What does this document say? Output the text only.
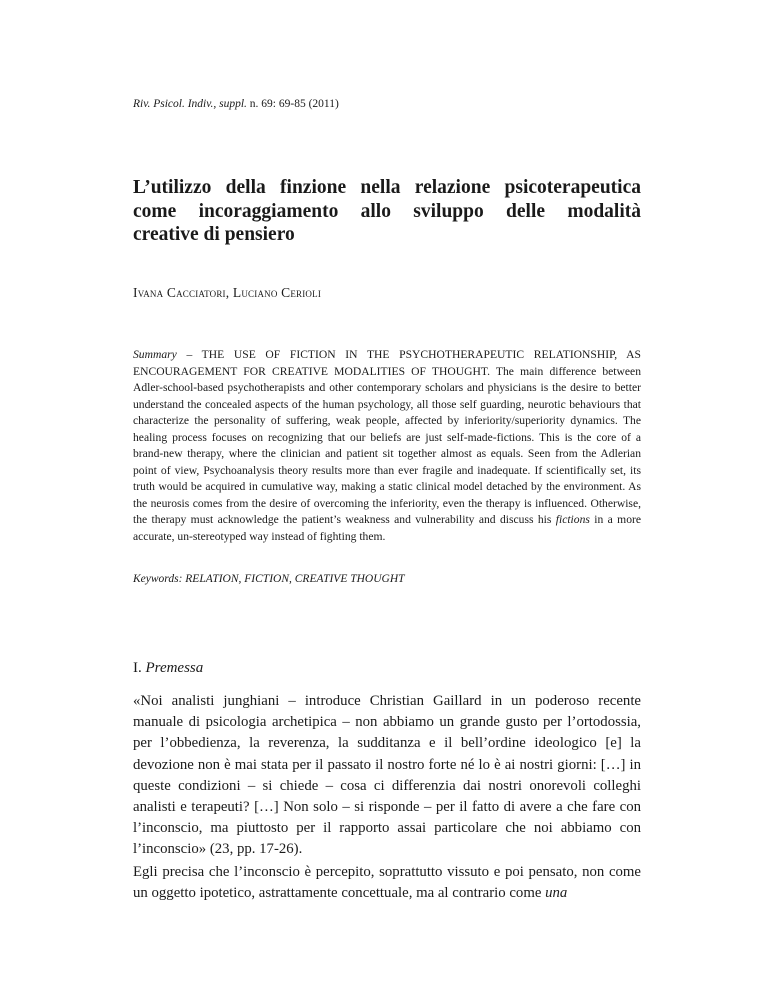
Riv. Psicol. Indiv., suppl. n. 69: 69-85 (2011)
L’utilizzo della finzione nella relazione psicoterapeutica
come incoraggiamento allo sviluppo delle modalità
creative di pensiero
Ivana Cacciatori, Luciano Cerioli

Summary – THE USE OF FICTION IN THE PSYCHOTHERAPEUTIC RELATIONSHIP, AS ENCOURAGEMENT FOR CREATIVE MODALITIES OF THOUGHT. The main difference between Adler-school-based psychotherapists and other contemporary scholars and physicians is the desire to better understand the concealed aspects of the human psychology, all those self guarding, neurotic behaviours that characterize the personality of suffering, weak people, affected by inferiority/superiority dynamics. The healing process focuses on recognizing that our beliefs are just self-made-fictions. This is the core of a brand-new therapy, where the clinician and patient sit together almost as equals. Seen from the Adlerian point of view, Psychoanalysis theory results more than ever fragile and inadequate. If scientifically set, its truth would be acquired in cumulative way, making a static clinical model detached by the environment. As the neurosis comes from the desire of overcoming the inferiority, even the therapy is influenced. Otherwise, the therapy must acknowledge the patient’s weakness and vulnerability and discuss his fictions in a more accurate, un-stereotyped way instead of fighting them.

Keywords: RELATION, FICTION, CREATIVE THOUGHT
I. Premessa

«Noi analisti junghiani – introduce Christian Gaillard in un poderoso recente manuale di psicologia archetipica – non abbiamo un grande gusto per l’ortodossia, per l’obbedienza, la reverenza, la sudditanza e il bell’ordine ideologico [e] la devozione non è mai stata per il passato il nostro forte né lo è ai nostri giorni: […] in queste condizioni – si chiede – cosa ci differenzia dai nostri onorevoli colleghi analisti e terapeuti? […] Non solo – si risponde – per il fatto di avere a che fare con l’inconscio, ma piuttosto per il rapporto assai particolare che noi abbiamo con l’inconscio» (23, pp. 17-26).

Egli precisa che l’inconscio è percepito, soprattutto vissuto e poi pensato, non come un oggetto ipotetico, astrattamente concettuale, ma al contrario come una
